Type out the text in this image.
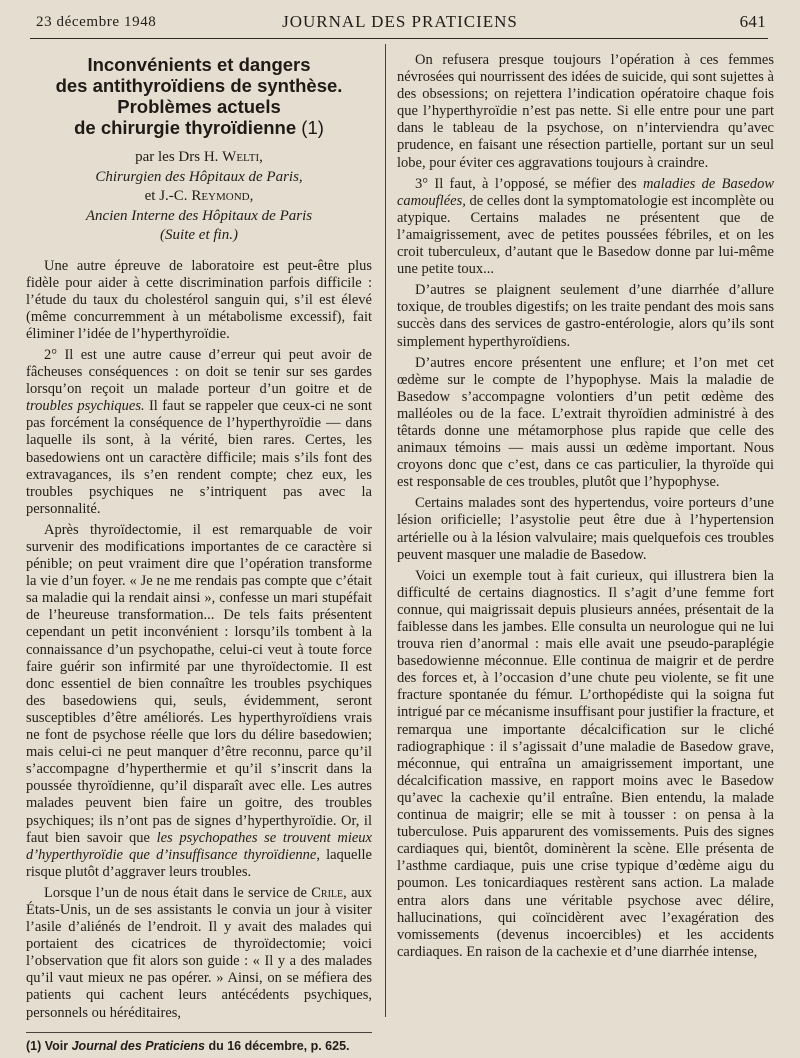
23 décembre 1948	JOURNAL DES PRATICIENS	641
Inconvénients et dangers
des antithyroïdiens de synthèse.
Problèmes actuels
de chirurgie thyroïdienne (1)
par les Drs H. Welti,
Chirurgien des Hôpitaux de Paris,
et J.-C. Reymond,
Ancien Interne des Hôpitaux de Paris
(Suite et fin.)

Une autre épreuve de laboratoire est peut-être plus fidèle pour aider à cette discrimination parfois difficile : l’étude du taux du cholestérol sanguin qui, s’il est élevé (même concurremment à un métabolisme excessif), fait éliminer l’idée de l’hyperthyroïdie.

2° Il est une autre cause d’erreur qui peut avoir de fâcheuses conséquences : on doit se tenir sur ses gardes lorsqu’on reçoit un malade porteur d’un goitre et de troubles psychiques. Il faut se rappeler que ceux-ci ne sont pas forcément la conséquence de l’hyperthyroïdie — dans laquelle ils sont, à la vérité, bien rares. Certes, les basedowiens ont un caractère difficile; mais s’ils font des extravagances, ils s’en rendent compte; chez eux, les troubles psychiques ne s’intriquent pas avec la personnalité.

Après thyroïdectomie, il est remarquable de voir survenir des modifications importantes de ce caractère si pénible; on peut vraiment dire que l’opération transforme la vie d’un foyer. « Je ne me rendais pas compte que c’était sa maladie qui la rendait ainsi », confesse un mari stupéfait de l’heureuse transformation... De tels faits présentent cependant un petit inconvénient : lorsqu’ils tombent à la connaissance d’un psychopathe, celui-ci veut à toute force faire guérir son infirmité par une thyroïdectomie. Il est donc essentiel de bien connaître les troubles psychiques des basedowiens qui, seuls, évidemment, seront susceptibles d’être améliorés. Les hyperthyroïdiens vrais ne font de psychose réelle que lors du délire basedowien; mais celui-ci ne peut manquer d’être reconnu, parce qu’il s’accompagne d’hyperthermie et qu’il s’inscrit dans la poussée thyroïdienne, qu’il disparaît avec elle. Les autres malades peuvent bien faire un goitre, des troubles psychiques; ils n’ont pas de signes d’hyperthyroïdie. Or, il faut bien savoir que les psychopathes se trouvent mieux d’hyperthyroïdie que d’insuffisance thyroïdienne, laquelle risque plutôt d’aggraver leurs troubles.

Lorsque l’un de nous était dans le service de Crile, aux États-Unis, un de ses assistants le convia un jour à visiter l’asile d’aliénés de l’endroit. Il y avait des malades qui portaient des cicatrices de thyroïdectomie; voici l’observation que fit alors son guide : « Il y a des malades qu’il vaut mieux ne pas opérer. » Ainsi, on se méfiera des patients qui cachent leurs antécédents psychiques, personnels ou héréditaires,

(1) Voir Journal des Praticiens du 16 décembre, p. 625.

On refusera presque toujours l’opération à ces femmes névrosées qui nourrissent des idées de suicide, qui sont sujettes à des obsessions; on rejettera l’indication opératoire chaque fois que l’hyperthyroïdie n’est pas nette. Si elle entre pour une part dans le tableau de la psychose, on n’interviendra qu’avec prudence, en faisant une résection partielle, portant sur un seul lobe, pour éviter ces aggravations toujours à craindre.

3° Il faut, à l’opposé, se méfier des maladies de Basedow camouflées, de celles dont la symptomatologie est incomplète ou atypique. Certains malades ne présentent que de l’amaigrissement, avec de petites poussées fébriles, et on les croit tuberculeux, d’autant que le Basedow donne par lui-même une petite toux...

D’autres se plaignent seulement d’une diarrhée d’allure toxique, de troubles digestifs; on les traite pendant des mois sans succès dans des services de gastro-entérologie, alors qu’ils sont simplement hyperthyroïdiens.

D’autres encore présentent une enflure; et l’on met cet œdème sur le compte de l’hypophyse. Mais la maladie de Basedow s’accompagne volontiers d’un petit œdème des malléoles ou de la face. L’extrait thyroïdien administré à des têtards donne une métamorphose plus rapide que celle des animaux témoins — mais aussi un œdème important. Nous croyons donc que c’est, dans ce cas particulier, la thyroïde qui est responsable de ces troubles, plutôt que l’hypophyse.

Certains malades sont des hypertendus, voire porteurs d’une lésion orificielle; l’asystolie peut être due à l’hypertension artérielle ou à la lésion valvulaire; mais quelquefois ces troubles peuvent masquer une maladie de Basedow.

Voici un exemple tout à fait curieux, qui illustrera bien la difficulté de certains diagnostics. Il s’agit d’une femme fort connue, qui maigrissait depuis plusieurs années, présentait de la faiblesse dans les jambes. Elle consulta un neurologue qui ne lui trouva rien d’anormal : mais elle avait une pseudo-paraplégie basedowienne méconnue. Elle continua de maigrir et de perdre des forces et, à l’occasion d’une chute peu violente, se fit une fracture spontanée du fémur. L’orthopédiste qui la soigna fut intrigué par ce mécanisme insuffisant pour justifier la fracture, et remarqua une importante décalcification sur le cliché radiographique : il s’agissait d’une maladie de Basedow grave, méconnue, qui entraîna un amaigrissement important, une décalcification massive, en rapport moins avec le Basedow qu’avec la cachexie qu’il entraîne. Bien entendu, la malade continua de maigrir; elle se mit à tousser : on pensa à la tuberculose. Puis apparurent des vomissements. Puis des signes cardiaques qui, bientôt, dominèrent la scène. Elle présenta de l’asthme cardiaque, puis une crise typique d’œdème aigu du poumon. Les tonicardiaques restèrent sans action. La malade entra alors dans une véritable psychose avec délire, hallucinations, qui coïncidèrent avec l’exagération des vomissements (devenus incoercibles) et les accidents cardiaques. En raison de la cachexie et d’une diarrhée intense,
